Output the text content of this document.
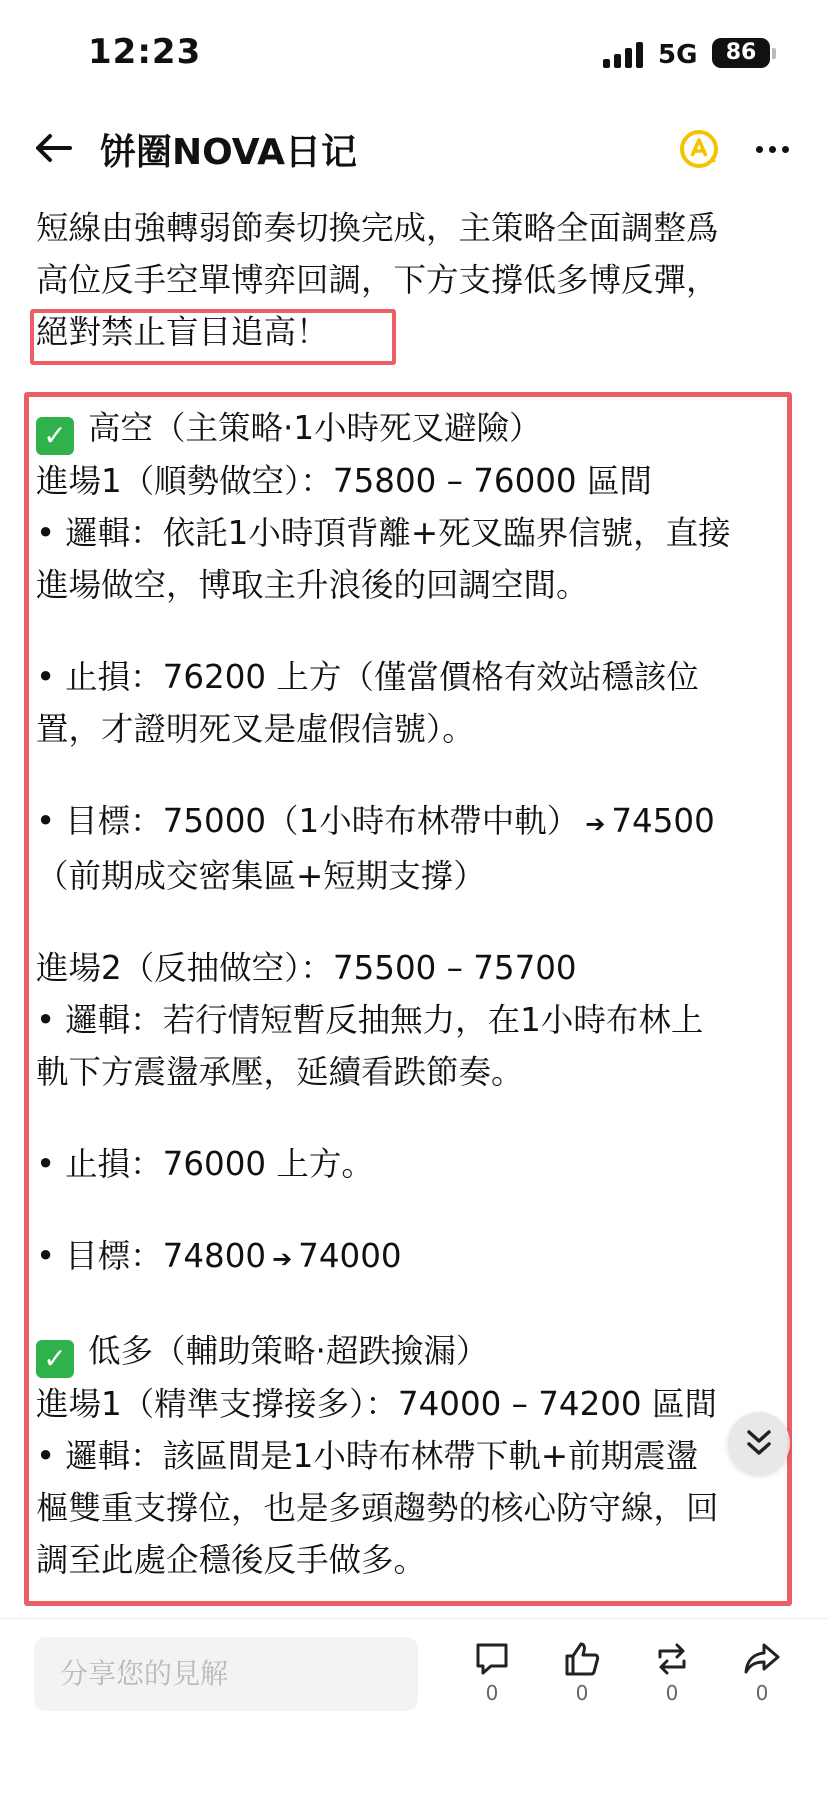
12:23	5G	86
饼圈NOVA日记

短線由強轉弱節奏切換完成，主策略全面調整爲

高位反手空單博弈回調，下方支撐低多博反彈，

絕對禁止盲目追高！

✓ 高空（主策略·1小時死叉避險）
進場1（順勢做空）：75800 – 76000 區間
• 邏輯：依託1小時頂背離+死叉臨界信號，直接
進場做空，博取主升浪後的回調空間。
• 止損：76200 上方（僅當價格有效站穩該位
置，才證明死叉是虛假信號）。
• 目標：75000（1小時布林帶中軌） ➔ 74500
（前期成交密集區+短期支撐）
進場2（反抽做空）：75500 – 75700
• 邏輯：若行情短暫反抽無力，在1小時布林上
軌下方震盪承壓，延續看跌節奏。
• 止損：76000 上方。
• 目標：74800 ➔ 74000
✓ 低多（輔助策略·超跌撿漏）
進場1（精準支撐接多）：74000 – 74200 區間
• 邏輯：該區間是1小時布林帶下軌+前期震盪
樞雙重支撐位，也是多頭趨勢的核心防守線，回
調至此處企穩後反手做多。
分享您的見解
0	0	0	0
